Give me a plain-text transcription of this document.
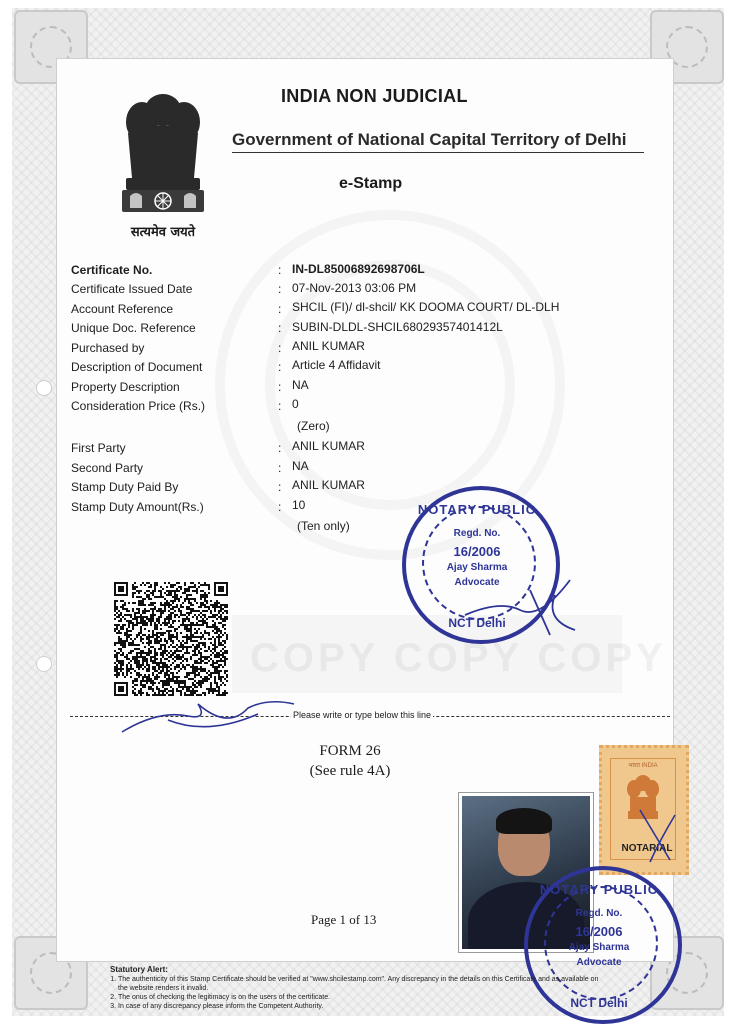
COPY COPY COPY
सत्यमेव जयते
INDIA NON JUDICIAL
Government of National Capital Territory of Delhi
e-Stamp
Certificate No.	: IN-DL85006892698706L
Certificate Issued Date	: 07-Nov-2013 03:06 PM
Account Reference	: SHCIL (FI)/ dl-shcil/ KK DOOMA COURT/ DL-DLH
Unique Doc. Reference	: SUBIN-DLDL-SHCIL68029357401412L
Purchased by	: ANIL KUMAR
Description of Document	: Article 4 Affidavit
Property Description	: NA
Consideration Price (Rs.)	: 0
(Zero)
First Party	: ANIL KUMAR
Second Party	: NA
Stamp Duty Paid By	: ANIL KUMAR
Stamp Duty Amount(Rs.)	: 10
(Ten only)
NOTARY PUBLIC
Regd. No.
16/2006
Ajay Sharma
Advocate
NCT Delhi
Please write or type below this line
FORM 26
(See rule 4A)	भारत INDIA
NOTARIAL
NOTARY PUBLIC
Regd. No.
16/2006
Ajay Sharma
Advocate
NCT Delhi
Page 1 of 13
Statutory Alert:
1. The authenticity of this Stamp Certificate should be verified at "www.shcilestamp.com". Any discrepancy in the details on this Certificate and as available on the website renders it invalid.
2. The onus of checking the legitimacy is on the users of the certificate.
3. In case of any discrepancy please inform the Competent Authority.
